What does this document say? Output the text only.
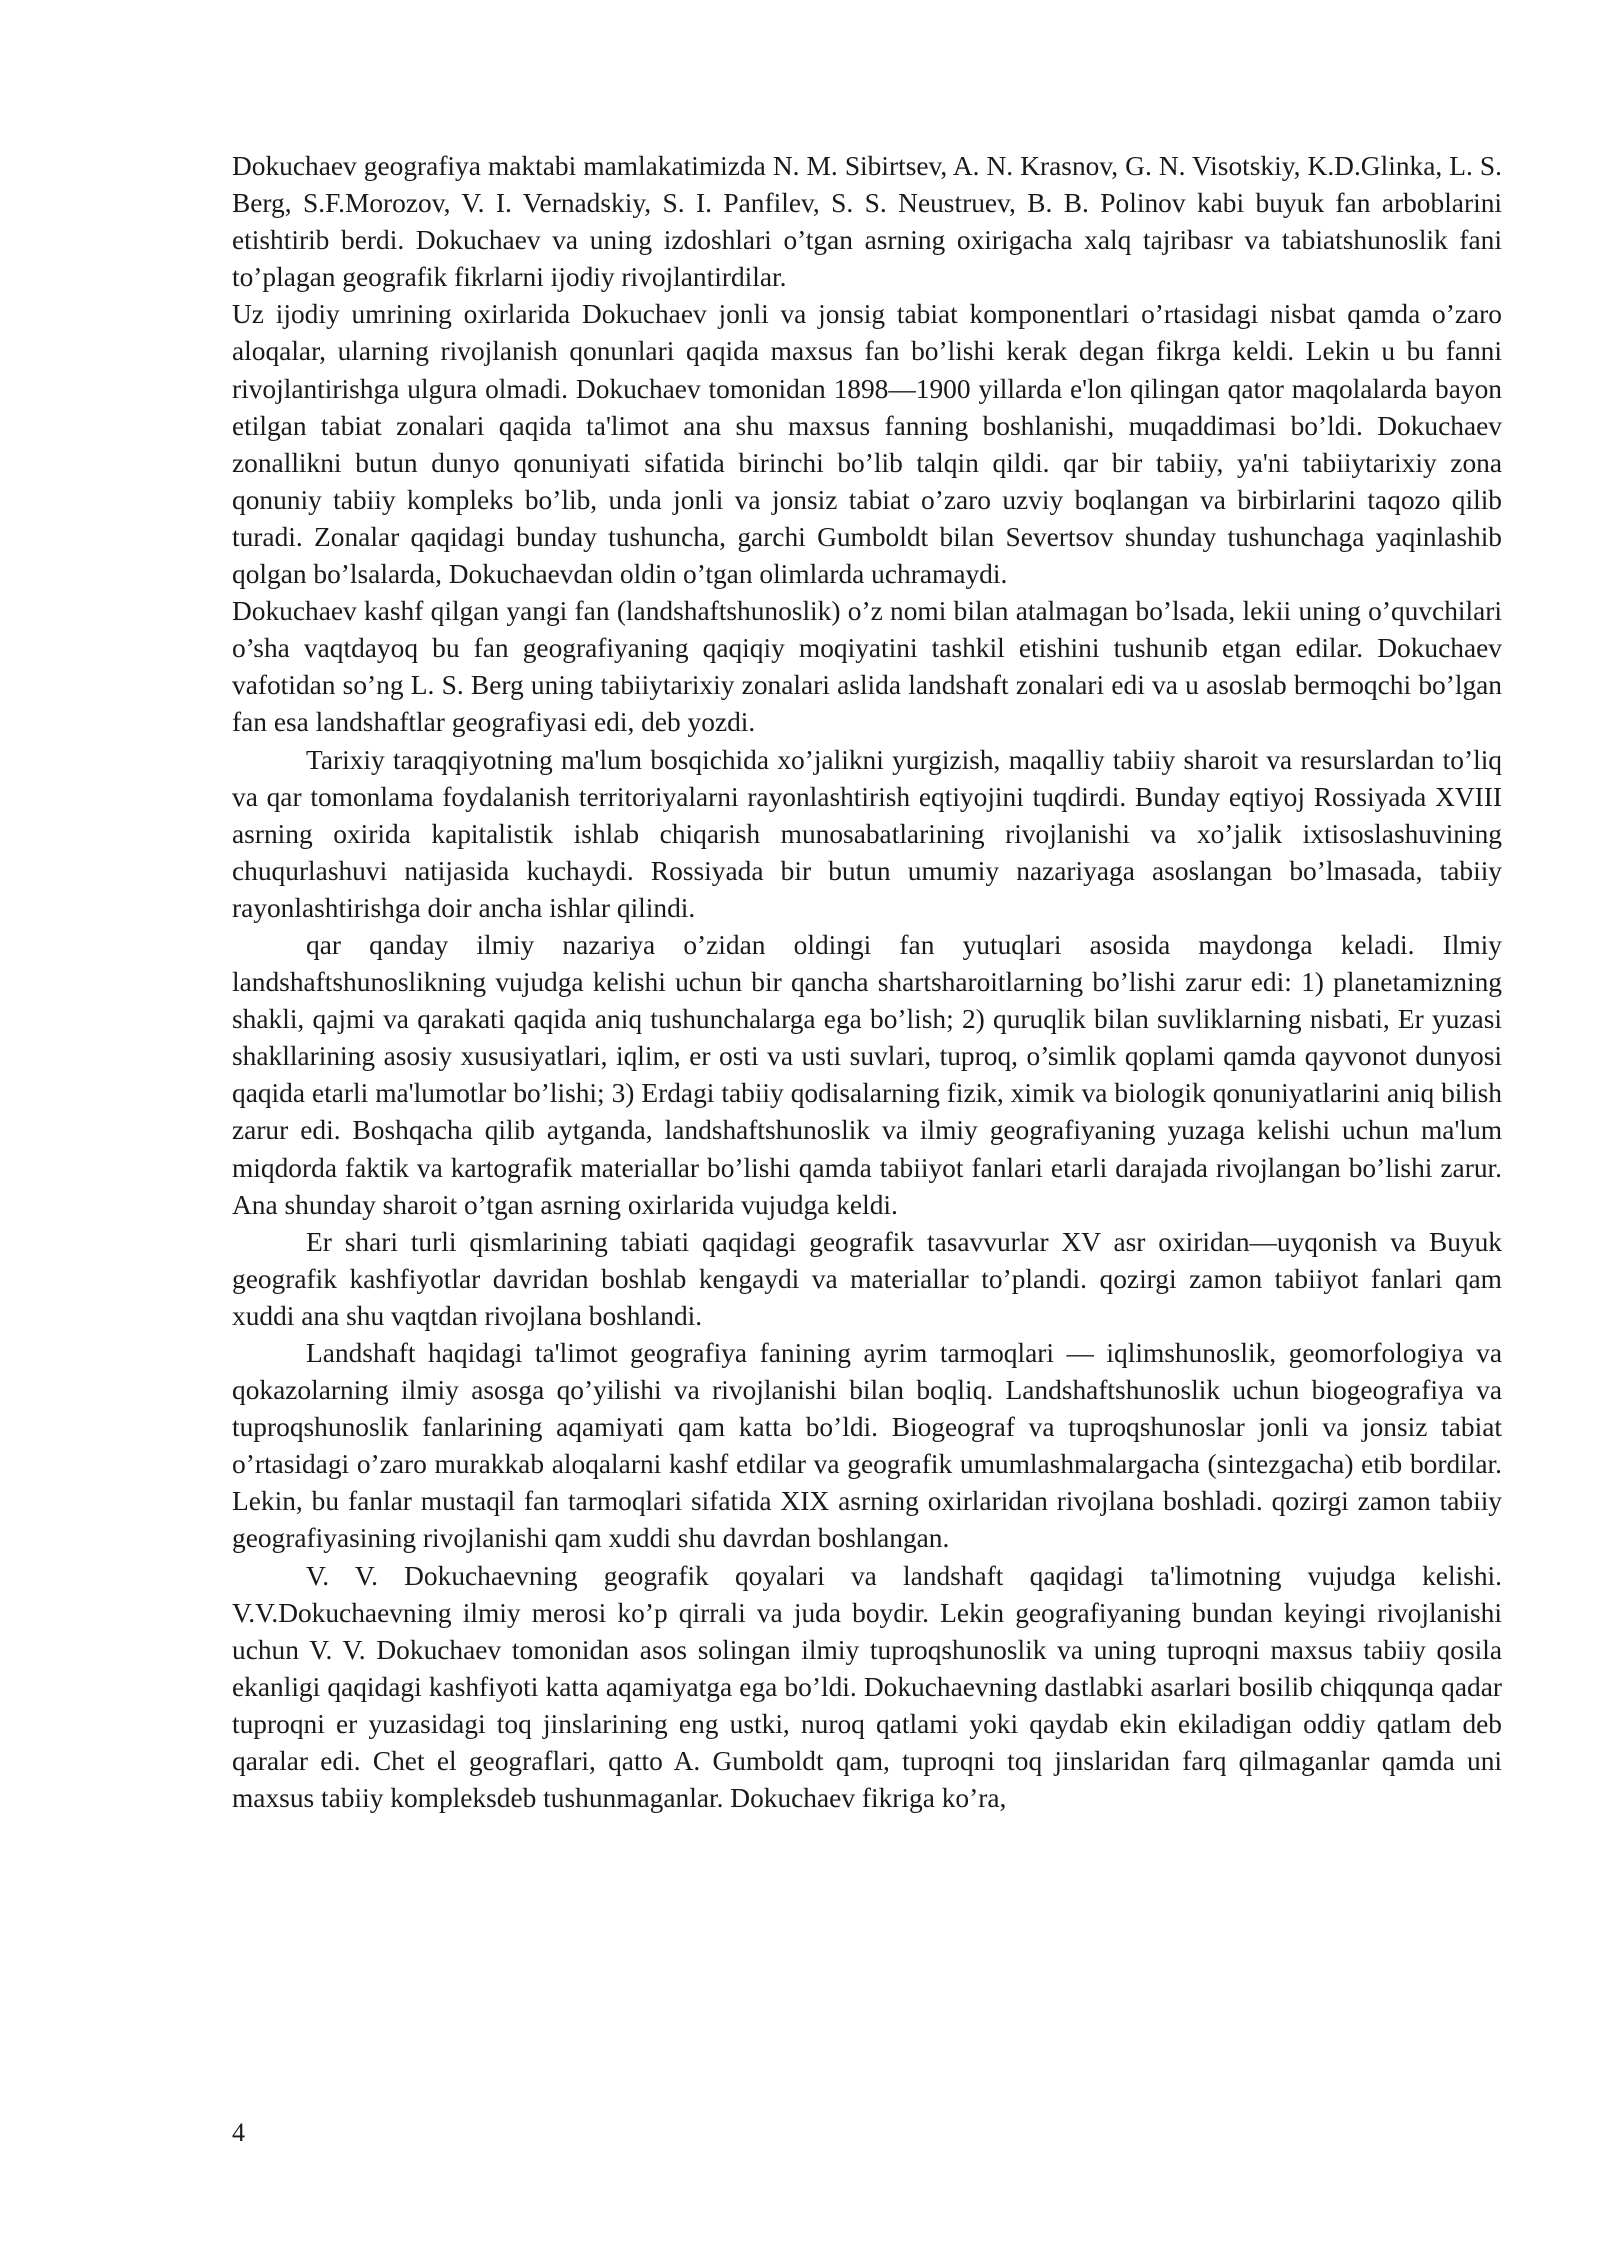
Dokuchaev geografiya maktabi mamlakatimizda N. M. Sibirtsev, A. N. Krasnov, G. N. Visotskiy, K.D.Glinka, L. S. Berg, S.F.Morozov, V. I. Vernadskiy, S. I. Panfilev, S. S. Neustruev, B. B. Polinov kabi buyuk fan arboblarini etishtirib berdi. Dokuchaev va uning izdoshlari o’tgan asrning oxirigacha xalq tajribasr va tabiatshunoslik fani to’plagan geografik fikrlarni ijodiy rivojlantirdilar.

Uz ijodiy umrining oxirlarida Dokuchaev jonli va jonsig tabiat komponentlari o’rtasidagi nisbat qamda o’zaro aloqalar, ularning rivojlanish qonunlari qaqida maxsus fan bo’lishi kerak degan fikrga keldi. Lekin u bu fanni rivojlantirishga ulgura olmadi. Dokuchaev tomonidan 1898—1900 yillarda e'lon qilingan qator maqolalarda bayon etilgan tabiat zonalari qaqida ta'limot ana shu maxsus fanning boshlanishi, muqaddimasi bo’ldi. Dokuchaev zonallikni butun dunyo qonuniyati sifatida birinchi bo’lib talqin qildi. qar bir tabiiy, ya'ni tabiiytarixiy zona qonuniy tabiiy kompleks bo’lib, unda jonli va jonsiz tabiat o’zaro uzviy boqlangan va birbirlarini taqozo qilib turadi. Zonalar qaqidagi bunday tushuncha, garchi Gumboldt bilan Severtsov shunday tushunchaga yaqinlashib qolgan bo’lsalarda, Dokuchaevdan oldin o’tgan olimlarda uchramaydi.

Dokuchaev kashf qilgan yangi fan (landshaftshunoslik) o’z nomi bilan atalmagan bo’lsada, lekii uning o’quvchilari o’sha vaqtdayoq bu fan geografiyaning qaqiqiy moqiyatini tashkil etishini tushunib etgan edilar. Dokuchaev vafotidan so’ng L. S. Berg uning tabiiytarixiy zonalari aslida landshaft zonalari edi va u asoslab bermoqchi bo’lgan fan esa landshaftlar geografiyasi edi, deb yozdi.

Tarixiy taraqqiyotning ma'lum bosqichida xo’jalikni yurgizish, maqalliy tabiiy sharoit va resurslardan to’liq va qar tomonlama foydalanish territoriyalarni rayonlashtirish eqtiyojini tuqdirdi. Bunday eqtiyoj Rossiyada XVIII asrning oxirida kapitalistik ishlab chiqarish munosabatlarining rivojlanishi va xo’jalik ixtisoslashuvining chuqurlashuvi natijasida kuchaydi. Rossiyada bir butun umumiy nazariyaga asoslangan bo’lmasada, tabiiy rayonlashtirishga doir ancha ishlar qilindi.

qar qanday ilmiy nazariya o’zidan oldingi fan yutuqlari asosida maydonga keladi. Ilmiy landshaftshunoslikning vujudga kelishi uchun bir qancha shartsharoitlarning bo’lishi zarur edi: 1) planetamizning shakli, qajmi va qarakati qaqida aniq tushunchalarga ega bo’lish; 2) quruqlik bilan suvliklarning nisbati, Er yuzasi shakllarining asosiy xususiyatlari, iqlim, er osti va usti suvlari, tuproq, o’simlik qoplami qamda qayvonot dunyosi qaqida etarli ma'lumotlar bo’lishi; 3) Erdagi tabiiy qodisalarning fizik, ximik va biologik qonuniyatlarini aniq bilish zarur edi. Boshqacha qilib aytganda, landshaftshunoslik va ilmiy geografiyaning yuzaga kelishi uchun ma'lum miqdorda faktik va kartografik materiallar bo’lishi qamda tabiiyot fanlari etarli darajada rivojlangan bo’lishi zarur. Ana shunday sharoit o’tgan asrning oxirlarida vujudga keldi.

Er shari turli qismlarining tabiati qaqidagi geografik tasavvurlar XV asr oxiridan—uyqonish va Buyuk geografik kashfiyotlar davridan boshlab kengaydi va materiallar to’plandi. qozirgi zamon tabiiyot fanlari qam xuddi ana shu vaqtdan rivojlana boshlandi.

Landshaft haqidagi ta'limot geografiya fanining ayrim tarmoqlari — iqlimshunoslik, geomorfologiya va qokazolarning ilmiy asosga qo’yilishi va rivojlanishi bilan boqliq. Landshaftshunoslik uchun biogeografiya va tuproqshunoslik fanlarining aqamiyati qam katta bo’ldi. Biogeograf va tuproqshunoslar jonli va jonsiz tabiat o’rtasidagi o’zaro murakkab aloqalarni kashf etdilar va geografik umumlashmalargacha (sintezgacha) etib bordilar. Lekin, bu fanlar mustaqil fan tarmoqlari sifatida XIX asrning oxirlaridan rivojlana boshladi. qozirgi zamon tabiiy geografiyasining rivojlanishi qam xuddi shu davrdan boshlangan.

V. V. Dokuchaevning geografik qoyalari va landshaft qaqidagi ta'limotning vujudga kelishi. V.V.Dokuchaevning ilmiy merosi ko’p qirrali va juda boydir. Lekin geografiyaning bundan keyingi rivojlanishi uchun V. V. Dokuchaev tomonidan asos solingan ilmiy tuproqshunoslik va uning tuproqni maxsus tabiiy qosila ekanligi qaqidagi kashfiyoti katta aqamiyatga ega bo’ldi. Dokuchaevning dastlabki asarlari bosilib chiqqunqa qadar tuproqni er yuzasidagi toq jinslarining eng ustki, nuroq qatlami yoki qaydab ekin ekiladigan oddiy qatlam deb qaralar edi. Chet el geograflari, qatto A. Gumboldt qam, tuproqni toq jinslaridan farq qilmaganlar qamda uni maxsus tabiiy kompleksdeb tushunmaganlar. Dokuchaev fikriga ko’ra,

4
